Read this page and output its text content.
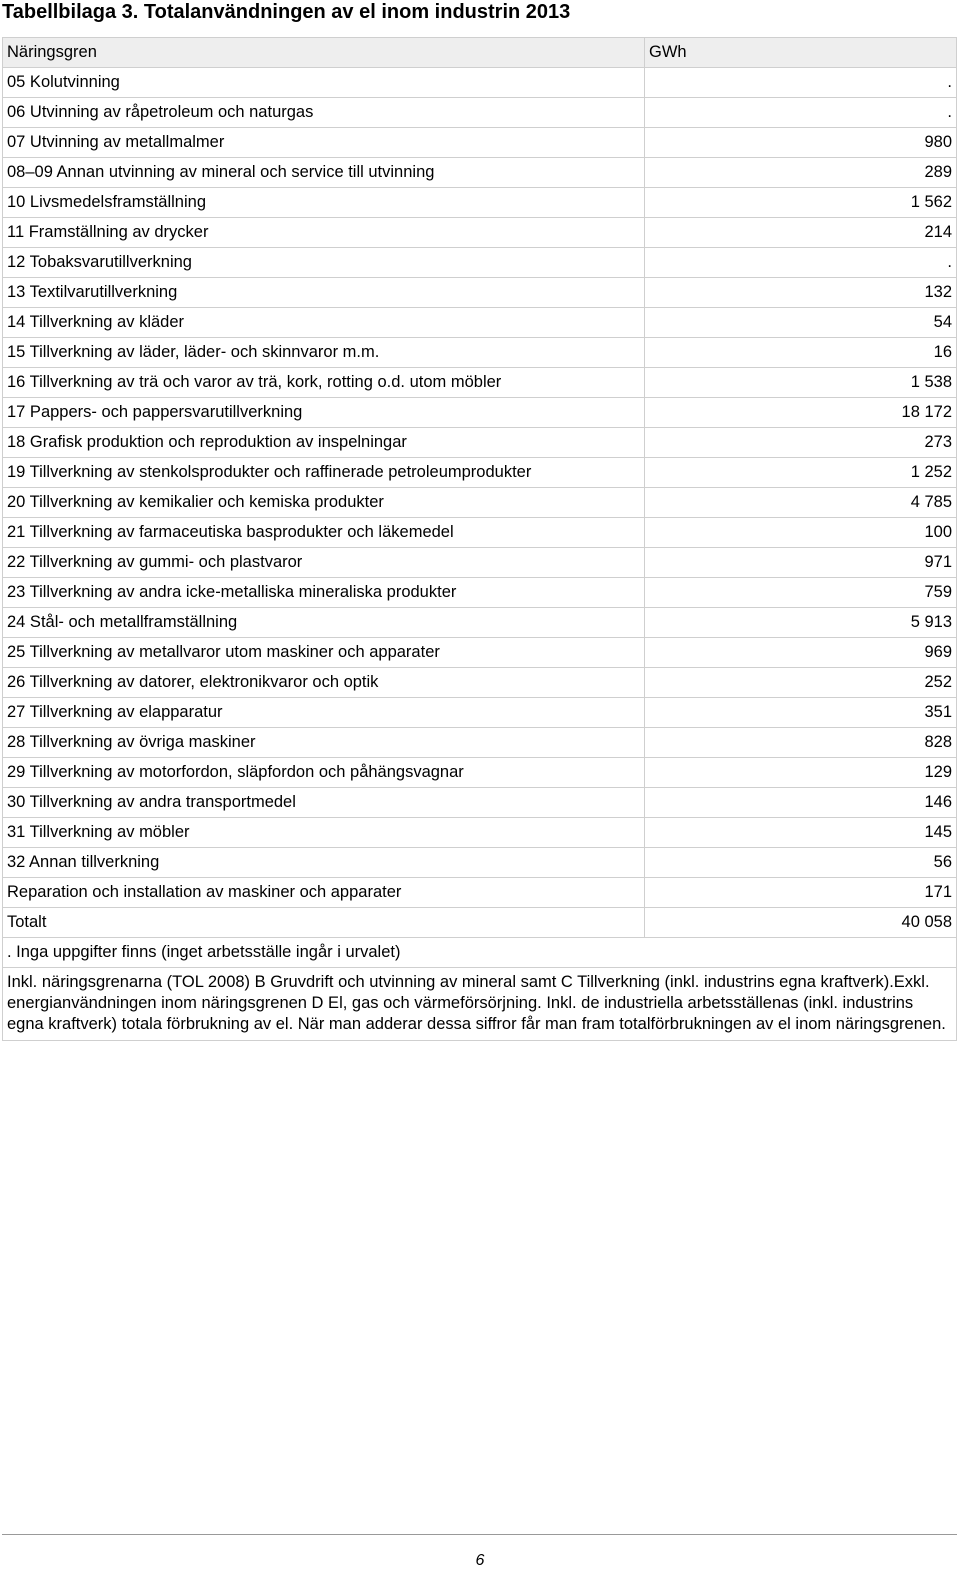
Tabellbilaga 3. Totalanvändningen av el inom industrin 2013
Näringsgren	GWh
05 Kolutvinning	.
06 Utvinning av råpetroleum och naturgas	.
07 Utvinning av metallmalmer	980
08–09 Annan utvinning av mineral och service till utvinning	289
10 Livsmedelsframställning	1 562
11 Framställning av drycker	214
12 Tobaksvarutillverkning	.
13 Textilvarutillverkning	132
14 Tillverkning av kläder	54
15 Tillverkning av läder, läder- och skinnvaror m.m.	16
16 Tillverkning av trä och varor av trä, kork, rotting o.d. utom möbler	1 538
17 Pappers- och pappersvarutillverkning	18 172
18 Grafisk produktion och reproduktion av inspelningar	273
19 Tillverkning av stenkolsprodukter och raffinerade petroleumprodukter	1 252
20 Tillverkning av kemikalier och kemiska produkter	4 785
21 Tillverkning av farmaceutiska basprodukter och läkemedel	100
22 Tillverkning av gummi- och plastvaror	971
23 Tillverkning av andra icke-metalliska mineraliska produkter	759
24 Stål- och metallframställning	5 913
25 Tillverkning av metallvaror utom maskiner och apparater	969
26 Tillverkning av datorer, elektronikvaror och optik	252
27 Tillverkning av elapparatur	351
28 Tillverkning av övriga maskiner	828
29 Tillverkning av motorfordon, släpfordon och påhängsvagnar	129
30 Tillverkning av andra transportmedel	146
31 Tillverkning av möbler	145
32 Annan tillverkning	56
Reparation och installation av maskiner och apparater	171
Totalt	40 058
. Inga uppgifter finns (inget arbetsställe ingår i urvalet)	
Inkl. näringsgrenarna (TOL 2008) B Gruvdrift och utvinning av mineral samt C Tillverkning (inkl. industrins egna kraftverk).Exkl. energianvändningen inom näringsgrenen D El, gas och värmeförsörjning. Inkl. de industriella arbetsställenas (inkl. industrins egna kraftverk) totala förbrukning av el. När man adderar dessa siffror får man fram totalförbrukningen av el inom näringsgrenen.	
6
